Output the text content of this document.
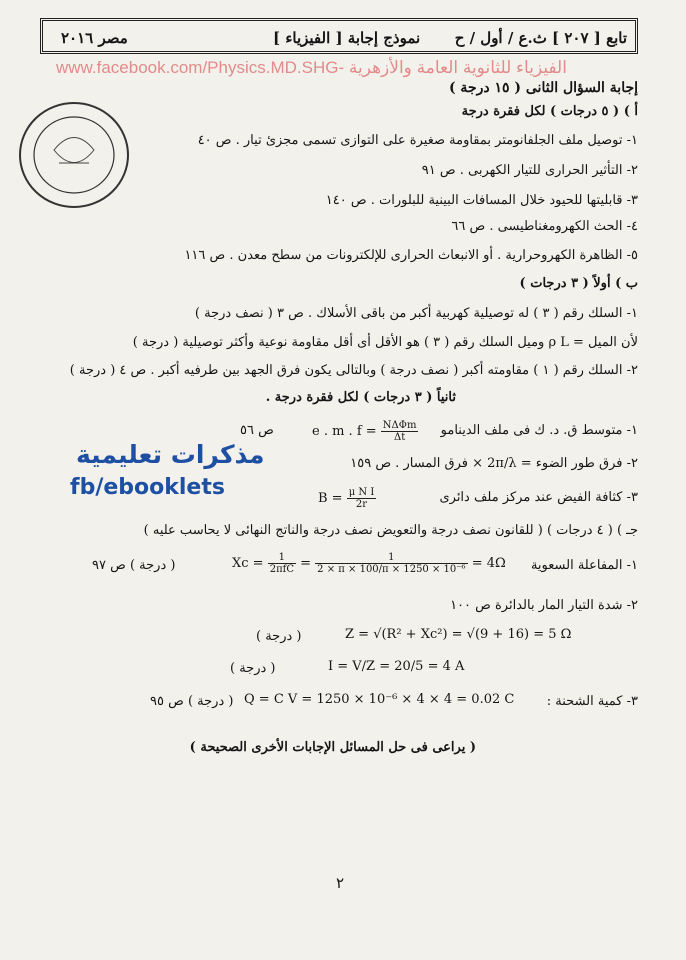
تابع [ ٢٠٧ ] ث.ع / أول / ح
نموذج إجابة [ الفيزياء ]
مصر ٢٠١٦
www.facebook.com/Physics.MD.SHG- الفيزياء للثانوية العامة والأزهرية
إجابة السؤال الثانى ( ١٥ درجة )
أ ) ( ٥ درجات ) لكل فقرة درجة
١- توصيل ملف الجلفانومتر بمقاومة صغيرة على التوازى تسمى مجزئ تيار . ص ٤٠
٢- التأثير الحرارى للتيار الكهربى . ص ٩١
٣- قابليتها للحيود خلال المسافات البينية للبلورات . ص ١٤٠
٤- الحث الكهرومغناطيسى . ص ٦٦
٥- الظاهرة الكهروحرارية . أو الانبعاث الحرارى للإلكترونات من سطح معدن . ص ١١٦
ب ) أولاً ( ٣ درجات )
١- السلك رقم ( ٣ ) له توصيلية كهربية أكبر من باقى الأسلاك . ص ٣ ( نصف درجة )
لأن الميل = ρ L وميل السلك رقم ( ٣ ) هو الأقل أى أقل مقاومة نوعية وأكثر توصيلية ( درجة )
٢- السلك رقم ( ١ ) مقاومته أكبر ( نصف درجة ) وبالتالى يكون فرق الجهد بين طرفيه أكبر . ص ٤ ( درجة )
ثانياً ( ٣ درجات ) لكل فقرة درجة .
١- متوسط ق. د. ك فى ملف الدينامو
e . m . $f = \frac{\text{NΔΦm}}{\Delta t}$
ص ٥٦
٢- فرق طور الضوء = 2π/λ × فرق المسار . ص ١٥٩
٣- كثافة الفيض عند مركز ملف دائرى
$B = \frac{\text{μ N I}}{2r}$
مذكرات تعليمية
fb/ebooklets
جـ ) ( ٤ درجات ) ( للقانون نصف درجة والتعويض نصف درجة والناتج النهائى لا يحاسب عليه )
١- المفاعلة السعوية
$Xc = \frac{1}{\text{2πfC}} = \frac{1}{\text{2 × π × 100/π × 1250 × 10⁻⁶}} = 4\Omega$
( درجة ) ص ٩٧
٢- شدة التيار المار بالدائرة ص ١٠٠
Z = √(R² + Xc²) = √(9 + 16) = 5 Ω
( درجة )
I = V/Z = 20/5 = 4 A
( درجة )
٣- كمية الشحنة :
Q = C V = 1250 × 10⁻⁶ × 4 × 4 = 0.02 C
( درجة ) ص ٩٥
( يراعى فى حل المسائل الإجابات الأخرى الصحيحة )
٢
